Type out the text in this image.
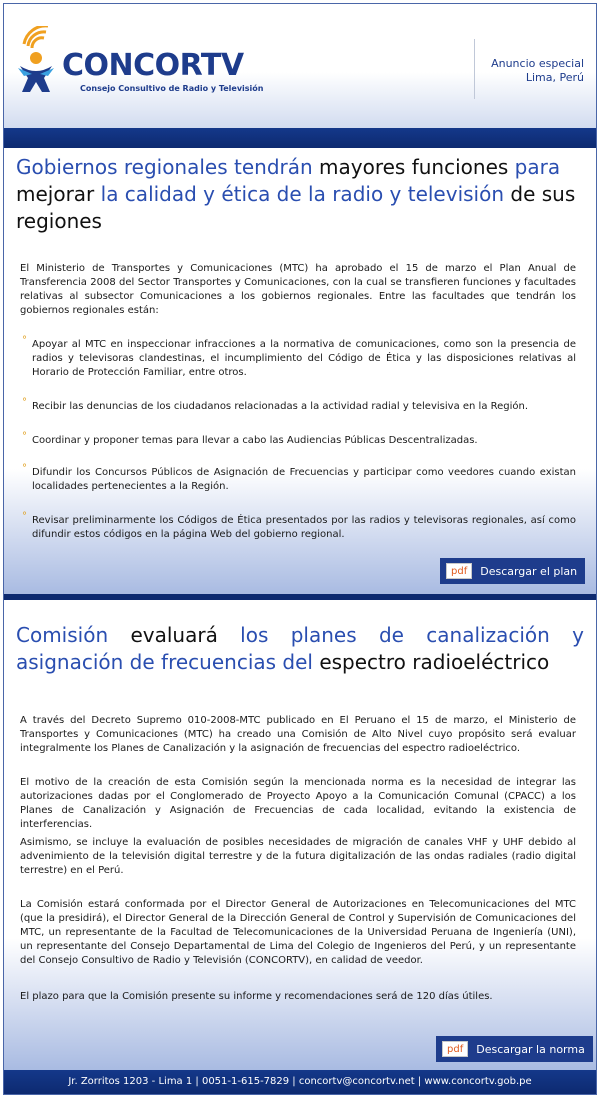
CONCORTV
Consejo Consultivo de Radio y Televisión
Anuncio especial
Lima, Perú
Gobiernos regionales tendrán mayores funciones para mejorar la calidad y ética de la radio y televisión de sus regiones
El Ministerio de Transportes y Comunicaciones (MTC) ha aprobado el 15 de marzo el Plan Anual de Transferencia 2008 del Sector Transportes y Comunicaciones, con la cual se transfieren funciones y facultades relativas al subsector Comunicaciones a los gobiernos regionales. Entre las facultades que tendrán los gobiernos regionales están:
° Apoyar al MTC en inspeccionar infracciones a la normativa de comunicaciones, como son la presencia de radios y televisoras clandestinas, el incumplimiento del Código de Ética y las disposiciones relativas al Horario de Protección Familiar, entre otros.
° Recibir las denuncias de los ciudadanos relacionadas a la actividad radial y televisiva en la Región.
° Coordinar y proponer temas para llevar a cabo las Audiencias Públicas Descentralizadas.
° Difundir los Concursos Públicos de Asignación de Frecuencias y participar como veedores cuando existan localidades pertenecientes a la Región.
° Revisar preliminarmente los Códigos de Ética presentados por las radios y televisoras regionales, así como difundir estos códigos en la página Web del gobierno regional.
pdf	Descargar el plan
Comisión evaluará los planes de canalización y asignación de frecuencias del espectro radioeléctrico
A través del Decreto Supremo 010-2008-MTC publicado en El Peruano el 15 de marzo, el Ministerio de Transportes y Comunicaciones (MTC) ha creado una Comisión de Alto Nivel cuyo propósito será evaluar integralmente los Planes de Canalización y la asignación de frecuencias del espectro radioeléctrico.
El motivo de la creación de esta Comisión según la mencionada norma es la necesidad de integrar las autorizaciones dadas por el Conglomerado de Proyecto Apoyo a la Comunicación Comunal (CPACC) a los Planes de Canalización y Asignación de Frecuencias de cada localidad, evitando la existencia de interferencias.
Asimismo, se incluye la evaluación de posibles necesidades de migración de canales VHF y UHF debido al advenimiento de la televisión digital terrestre y de la futura digitalización de las ondas radiales (radio digital terrestre) en el Perú.
La Comisión estará conformada por el Director General de Autorizaciones en Telecomunicaciones del MTC (que la presidirá), el Director General de la Dirección General de Control y Supervisión de Comunicaciones del MTC, un representante de la Facultad de Telecomunicaciones de la Universidad Peruana de Ingeniería (UNI), un representante del Consejo Departamental de Lima del Colegio de Ingenieros del Perú, y un representante del Consejo Consultivo de Radio y Televisión (CONCORTV), en calidad de veedor.
El plazo para que la Comisión presente su informe y recomendaciones será de 120 días útiles.
pdf	Descargar la norma
Jr. Zorritos 1203 - Lima 1 | 0051-1-615-7829 | concortv@concortv.net | www.concortv.gob.pe
